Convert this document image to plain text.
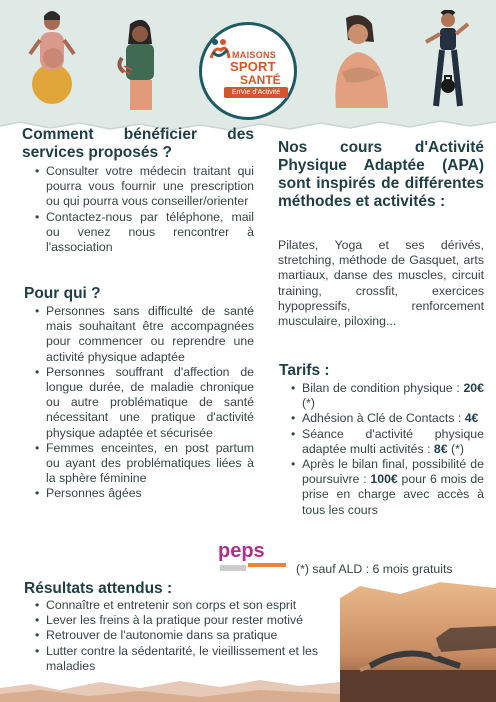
MAISONS
SPORT
SANTÉ
EnVie d'Activité
Comment bénéficier des services proposés ?
• Consulter votre médecin traitant qui pourra vous fournir une prescription ou qui pourra vous conseiller/orienter
• Contactez-nous par téléphone, mail ou venez nous rencontrer à l'association
Pour qui ?
• Personnes sans difficulté de santé mais souhaitant être accompagnées pour commencer ou reprendre une activité physique adaptée
• Personnes souffrant d'affection de longue durée, de maladie chronique ou autre problématique de santé nécessitant une pratique d'activité physique adaptée et sécurisée
• Femmes enceintes, en post partum ou ayant des problématiques liées à la sphère féminine
• Personnes âgées
peps
Nos cours d'Activité Physique Adaptée (APA) sont inspirés de différentes méthodes et activités :
Pilates, Yoga et ses dérivés, stretching, méthode de Gasquet, arts martiaux, danse des muscles, circuit training, crossfit, exercices hypopressifs, renforcement musculaire, piloxing...
Tarifs :
• Bilan de condition physique : 20€ (*)
• Adhésion à Clé de Contacts : 4€
• Séance d'activité physique adaptée multi activités : 8€ (*)
• Après le bilan final, possibilité de poursuivre : 100€ pour 6 mois de prise en charge avec accès à tous les cours
(*) sauf ALD : 6 mois gratuits
Résultats attendus :
• Connaître et entretenir son corps et son esprit
• Lever les freins à la pratique pour rester motivé
• Retrouver de l'autonomie dans sa pratique
• Lutter contre la sédentarité, le vieillissement et les maladies
